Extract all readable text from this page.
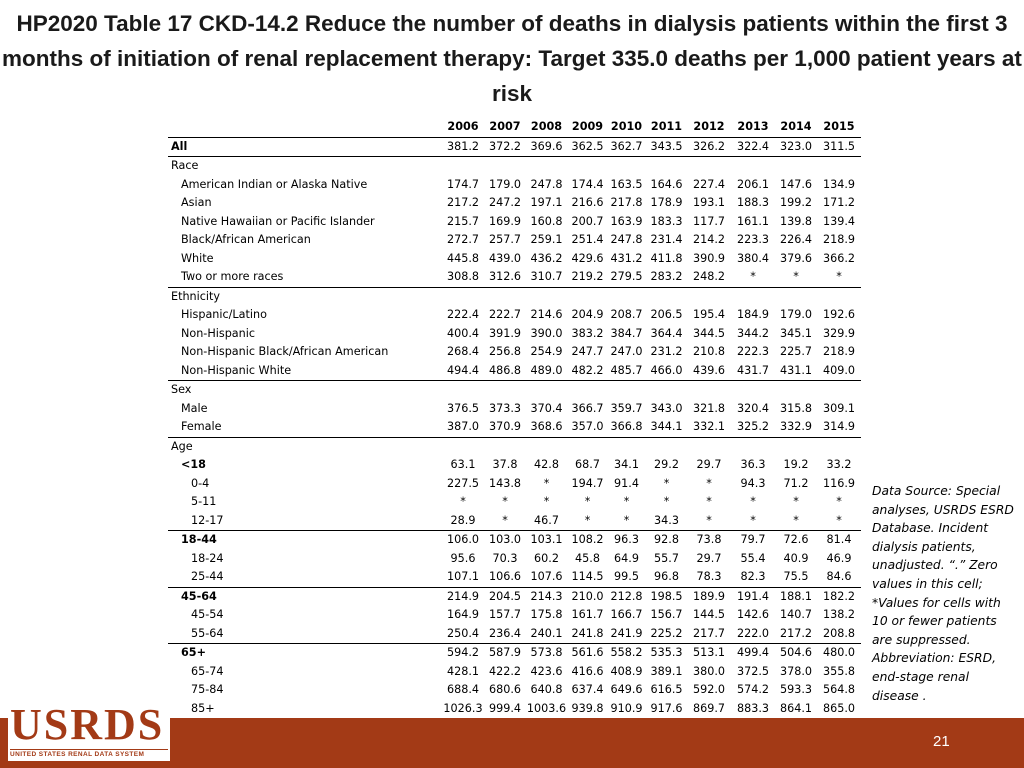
HP2020 Table 17 CKD-14.2 Reduce the number of deaths in dialysis patients within the first 3 months of initiation of renal replacement therapy: Target 335.0 deaths per 1,000 patient years at risk
	2006	2007	2008	2009	2010	2011	2012	2013	2014	2015
All	381.2	372.2	369.6	362.5	362.7	343.5	326.2	322.4	323.0	311.5
Race										
American Indian or Alaska Native	174.7	179.0	247.8	174.4	163.5	164.6	227.4	206.1	147.6	134.9
Asian	217.2	247.2	197.1	216.6	217.8	178.9	193.1	188.3	199.2	171.2
Native Hawaiian or Pacific Islander	215.7	169.9	160.8	200.7	163.9	183.3	117.7	161.1	139.8	139.4
Black/African American	272.7	257.7	259.1	251.4	247.8	231.4	214.2	223.3	226.4	218.9
White	445.8	439.0	436.2	429.6	431.2	411.8	390.9	380.4	379.6	366.2
Two or more races	308.8	312.6	310.7	219.2	279.5	283.2	248.2	*	*	*
Ethnicity										
Hispanic/Latino	222.4	222.7	214.6	204.9	208.7	206.5	195.4	184.9	179.0	192.6
Non-Hispanic	400.4	391.9	390.0	383.2	384.7	364.4	344.5	344.2	345.1	329.9
Non-Hispanic Black/African American	268.4	256.8	254.9	247.7	247.0	231.2	210.8	222.3	225.7	218.9
Non-Hispanic White	494.4	486.8	489.0	482.2	485.7	466.0	439.6	431.7	431.1	409.0
Sex										
Male	376.5	373.3	370.4	366.7	359.7	343.0	321.8	320.4	315.8	309.1
Female	387.0	370.9	368.6	357.0	366.8	344.1	332.1	325.2	332.9	314.9
Age										
<18	63.1	37.8	42.8	68.7	34.1	29.2	29.7	36.3	19.2	33.2
0-4	227.5	143.8	*	194.7	91.4	*	*	94.3	71.2	116.9
5-11	*	*	*	*	*	*	*	*	*	*
12-17	28.9	*	46.7	*	*	34.3	*	*	*	*
18-44	106.0	103.0	103.1	108.2	96.3	92.8	73.8	79.7	72.6	81.4
18-24	95.6	70.3	60.2	45.8	64.9	55.7	29.7	55.4	40.9	46.9
25-44	107.1	106.6	107.6	114.5	99.5	96.8	78.3	82.3	75.5	84.6
45-64	214.9	204.5	214.3	210.0	212.8	198.5	189.9	191.4	188.1	182.2
45-54	164.9	157.7	175.8	161.7	166.7	156.7	144.5	142.6	140.7	138.2
55-64	250.4	236.4	240.1	241.8	241.9	225.2	217.7	222.0	217.2	208.8
65+	594.2	587.9	573.8	561.6	558.2	535.3	513.1	499.4	504.6	480.0
65-74	428.1	422.2	423.6	416.6	408.9	389.1	380.0	372.5	378.0	355.8
75-84	688.4	680.6	640.8	637.4	649.6	616.5	592.0	574.2	593.3	564.8
85+	1026.3	999.4	1003.6	939.8	910.9	917.6	869.7	883.3	864.1	865.0
Data Source: Special analyses, USRDS ESRD Database. Incident dialysis patients, unadjusted. “.” Zero values in this cell; *Values for cells with 10 or fewer patients are suppressed. Abbreviation: ESRD, end-stage renal disease .
21
USRDS
UNITED STATES RENAL DATA SYSTEM
